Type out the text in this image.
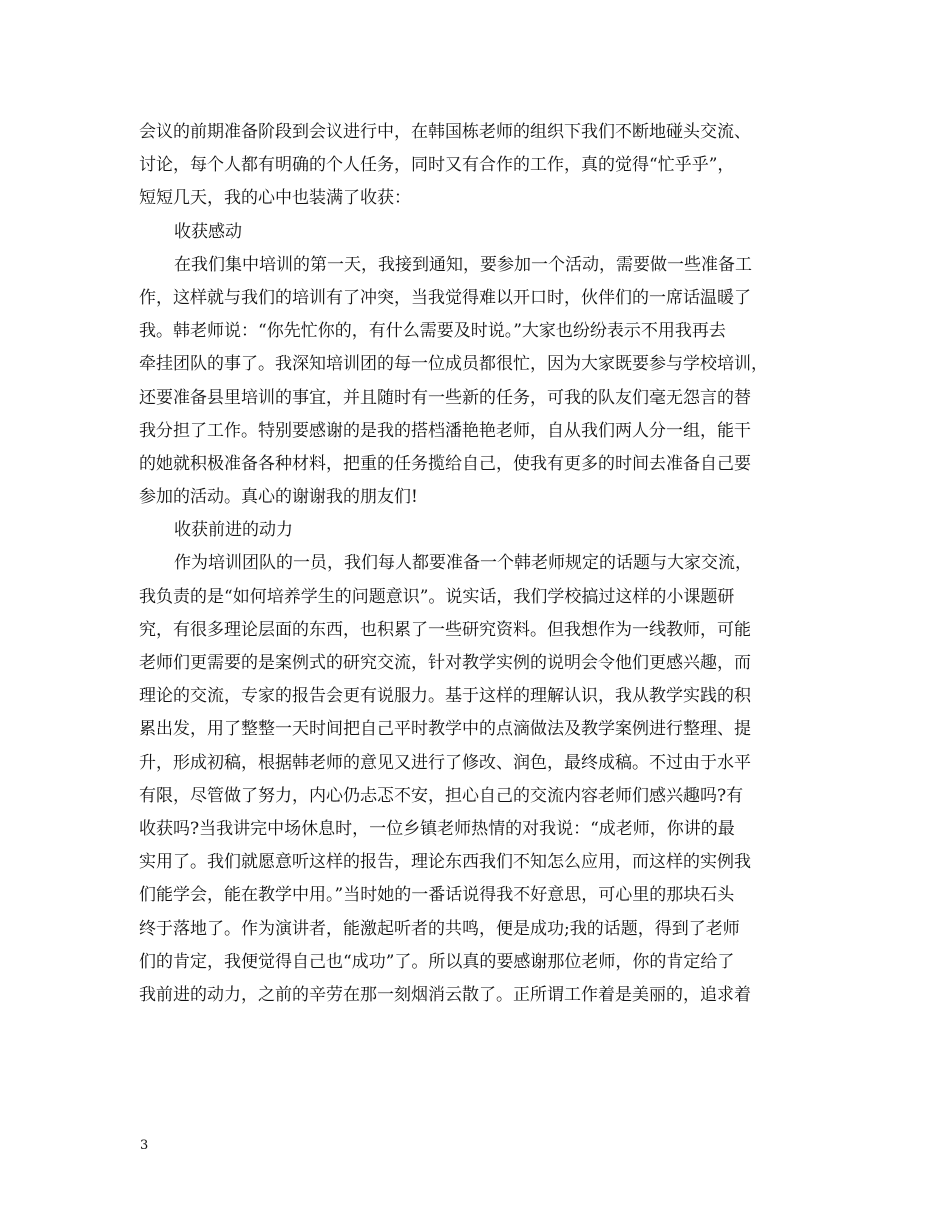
会议的前期准备阶段到会议进行中，在韩国栋老师的组织下我们不断地碰头交流、
讨论，每个人都有明确的个人任务，同时又有合作的工作，真的觉得“忙乎乎”，
短短几天，我的心中也装满了收获：
收获感动
在我们集中培训的第一天，我接到通知，要参加一个活动，需要做一些准备工
作，这样就与我们的培训有了冲突，当我觉得难以开口时，伙伴们的一席话温暖了
我。韩老师说：“你先忙你的，有什么需要及时说。”大家也纷纷表示不用我再去
牵挂团队的事了。我深知培训团的每一位成员都很忙，因为大家既要参与学校培训，
还要准备县里培训的事宜，并且随时有一些新的任务，可我的队友们毫无怨言的替
我分担了工作。特别要感谢的是我的搭档潘艳艳老师，自从我们两人分一组，能干
的她就积极准备各种材料，把重的任务揽给自己，使我有更多的时间去准备自己要
参加的活动。真心的谢谢我的朋友们!
收获前进的动力
作为培训团队的一员，我们每人都要准备一个韩老师规定的话题与大家交流，
我负责的是“如何培养学生的问题意识”。说实话，我们学校搞过这样的小课题研
究，有很多理论层面的东西，也积累了一些研究资料。但我想作为一线教师，可能
老师们更需要的是案例式的研究交流，针对教学实例的说明会令他们更感兴趣，而
理论的交流，专家的报告会更有说服力。基于这样的理解认识，我从教学实践的积
累出发，用了整整一天时间把自己平时教学中的点滴做法及教学案例进行整理、提
升，形成初稿，根据韩老师的意见又进行了修改、润色，最终成稿。不过由于水平
有限，尽管做了努力，内心仍忐忑不安，担心自己的交流内容老师们感兴趣吗?有
收获吗?当我讲完中场休息时，一位乡镇老师热情的对我说：“成老师，你讲的最
实用了。我们就愿意听这样的报告，理论东西我们不知怎么应用，而这样的实例我
们能学会，能在教学中用。”当时她的一番话说得我不好意思，可心里的那块石头
终于落地了。作为演讲者，能激起听者的共鸣，便是成功;我的话题，得到了老师
们的肯定，我便觉得自己也“成功”了。所以真的要感谢那位老师，你的肯定给了
我前进的动力，之前的辛劳在那一刻烟消云散了。正所谓工作着是美丽的，追求着
3
